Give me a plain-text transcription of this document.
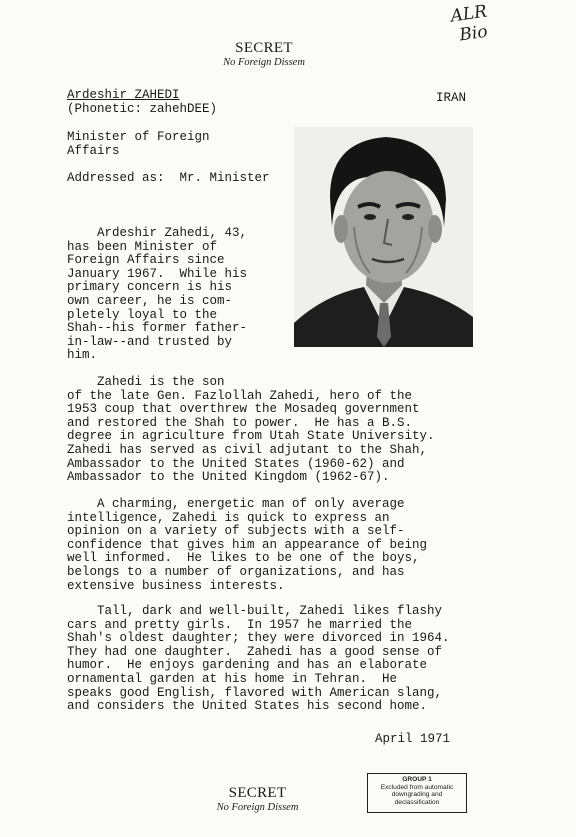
ALR
Bio
SECRET
No Foreign Dissem
Ardeshir ZAHEDI	IRAN
(Phonetic: zahehDEE)
Minister of Foreign
Affairs
Addressed as:  Mr. Minister
Ardeshir Zahedi, 43,
has been Minister of
Foreign Affairs since
January 1967.  While his
primary concern is his
own career, he is com-
pletely loyal to the
Shah--his former father-
in-law--and trusted by
him.
Zahedi is the son
of the late Gen. Fazlollah Zahedi, hero of the
1953 coup that overthrew the Mosadeq government
and restored the Shah to power.  He has a B.S.
degree in agriculture from Utah State University.
Zahedi has served as civil adjutant to the Shah,
Ambassador to the United States (1960-62) and
Ambassador to the United Kingdom (1962-67).
A charming, energetic man of only average
intelligence, Zahedi is quick to express an
opinion on a variety of subjects with a self-
confidence that gives him an appearance of being
well informed.  He likes to be one of the boys,
belongs to a number of organizations, and has
extensive business interests.
Tall, dark and well-built, Zahedi likes flashy
cars and pretty girls.  In 1957 he married the
Shah's oldest daughter; they were divorced in 1964.
They had one daughter.  Zahedi has a good sense of
humor.  He enjoys gardening and has an elaborate
ornamental garden at his home in Tehran.  He
speaks good English, flavored with American slang,
and considers the United States his second home.
April 1971
SECRET
No Foreign Dissem
GROUP 1
Excluded from automatic
downgrading and
declassification
